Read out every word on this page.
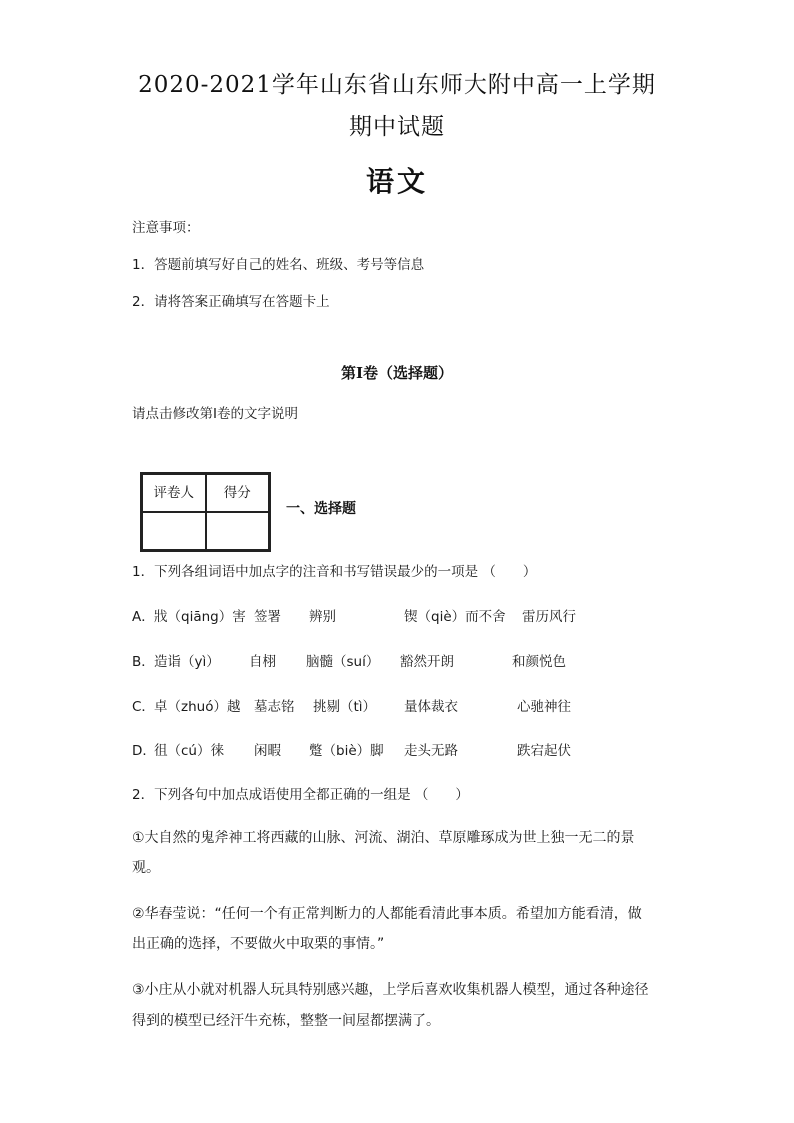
2020-2021学年山东省山东师大附中高一上学期
期中试题
语文
注意事项：
1．答题前填写好自己的姓名、班级、考号等信息
2．请将答案正确填写在答题卡上
第I卷（选择题）
请点击修改第I卷的文字说明
评卷人	得分
一、选择题
1．下列各组词语中加点字的注音和书写错误最少的一项是 （　　）
A． 戕（qiāng）害 签署 辨别	锲（qiè）而不舍 雷历风行
B． 造诣（yì） 自栩 脑髓（suí） 豁然开朗	和颜悦色
C． 卓（zhuó）越 墓志铭 挑剔（tì） 量体裁衣	心驰神往
D．
徂（cú）徕 闲暇 蹩（biè）脚 走头无路	跌宕起伏
2．下列各句中加点成语使用全都正确的一组是 （　　）
①大自然的鬼斧神工将西藏的山脉、河流、湖泊、草原雕琢成为世上独一无二的景
观。
②华春莹说：“任何一个有正常判断力的人都能看清此事本质。希望加方能看清，做
出正确的选择，不要做火中取栗的事情。”
③小庄从小就对机器人玩具特别感兴趣，上学后喜欢收集机器人模型，通过各种途径
得到的模型已经汗牛充栋，整整一间屋都摆满了。
